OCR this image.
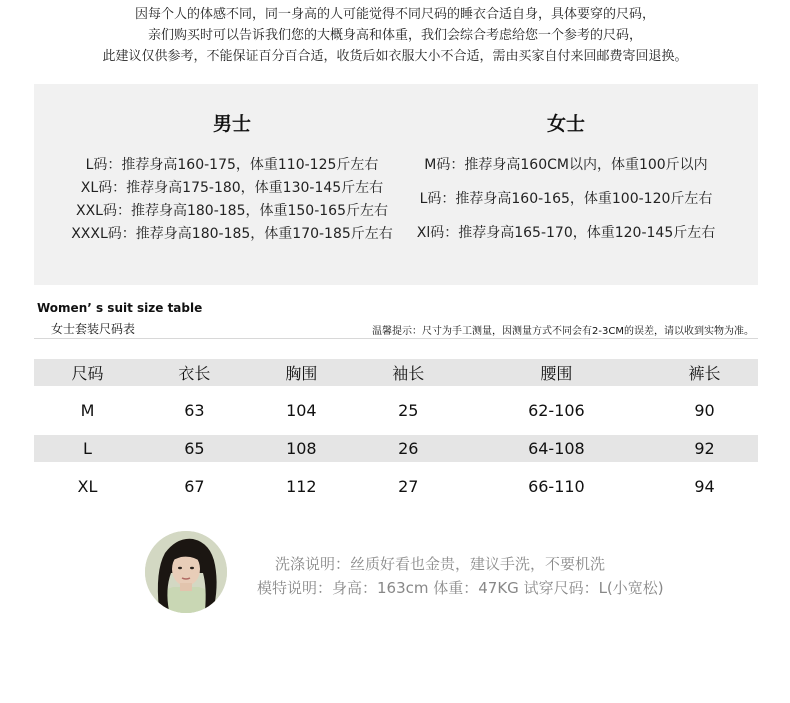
因每个人的体感不同，同一身高的人可能觉得不同尺码的睡衣合适自身，具体要穿的尺码，
亲们购买时可以告诉我们您的大概身高和体重，我们会综合考虑给您一个参考的尺码，
此建议仅供参考，不能保证百分百合适，收货后如衣服大小不合适，需由买家自付来回邮费寄回退换。
男士
L码：推荐身高160-175，体重110-125斤左右
XL码：推荐身高175-180，体重130-145斤左右
XXL码：推荐身高180-185，体重150-165斤左右
XXXL码：推荐身高180-185，体重170-185斤左右
女士
M码：推荐身高160CM以内，体重100斤以内
L码：推荐身高160-165，体重100-120斤左右
Xl码：推荐身高165-170，体重120-145斤左右
Women’ s suit size table
女士套装尺码表	温馨提示：尺寸为手工测量，因测量方式不同会有2-3CM的误差，请以收到实物为准。
尺码	衣长	胸围	袖长	腰围	裤长
M	63	104	25	62-106	90
L	65	108	26	64-108	92
XL	67	112	27	66-110	94
洗涤说明：丝质好看也金贵，建议手洗，不要机洗
模特说明：身高：163cm 体重：47KG 试穿尺码：L(小宽松)
